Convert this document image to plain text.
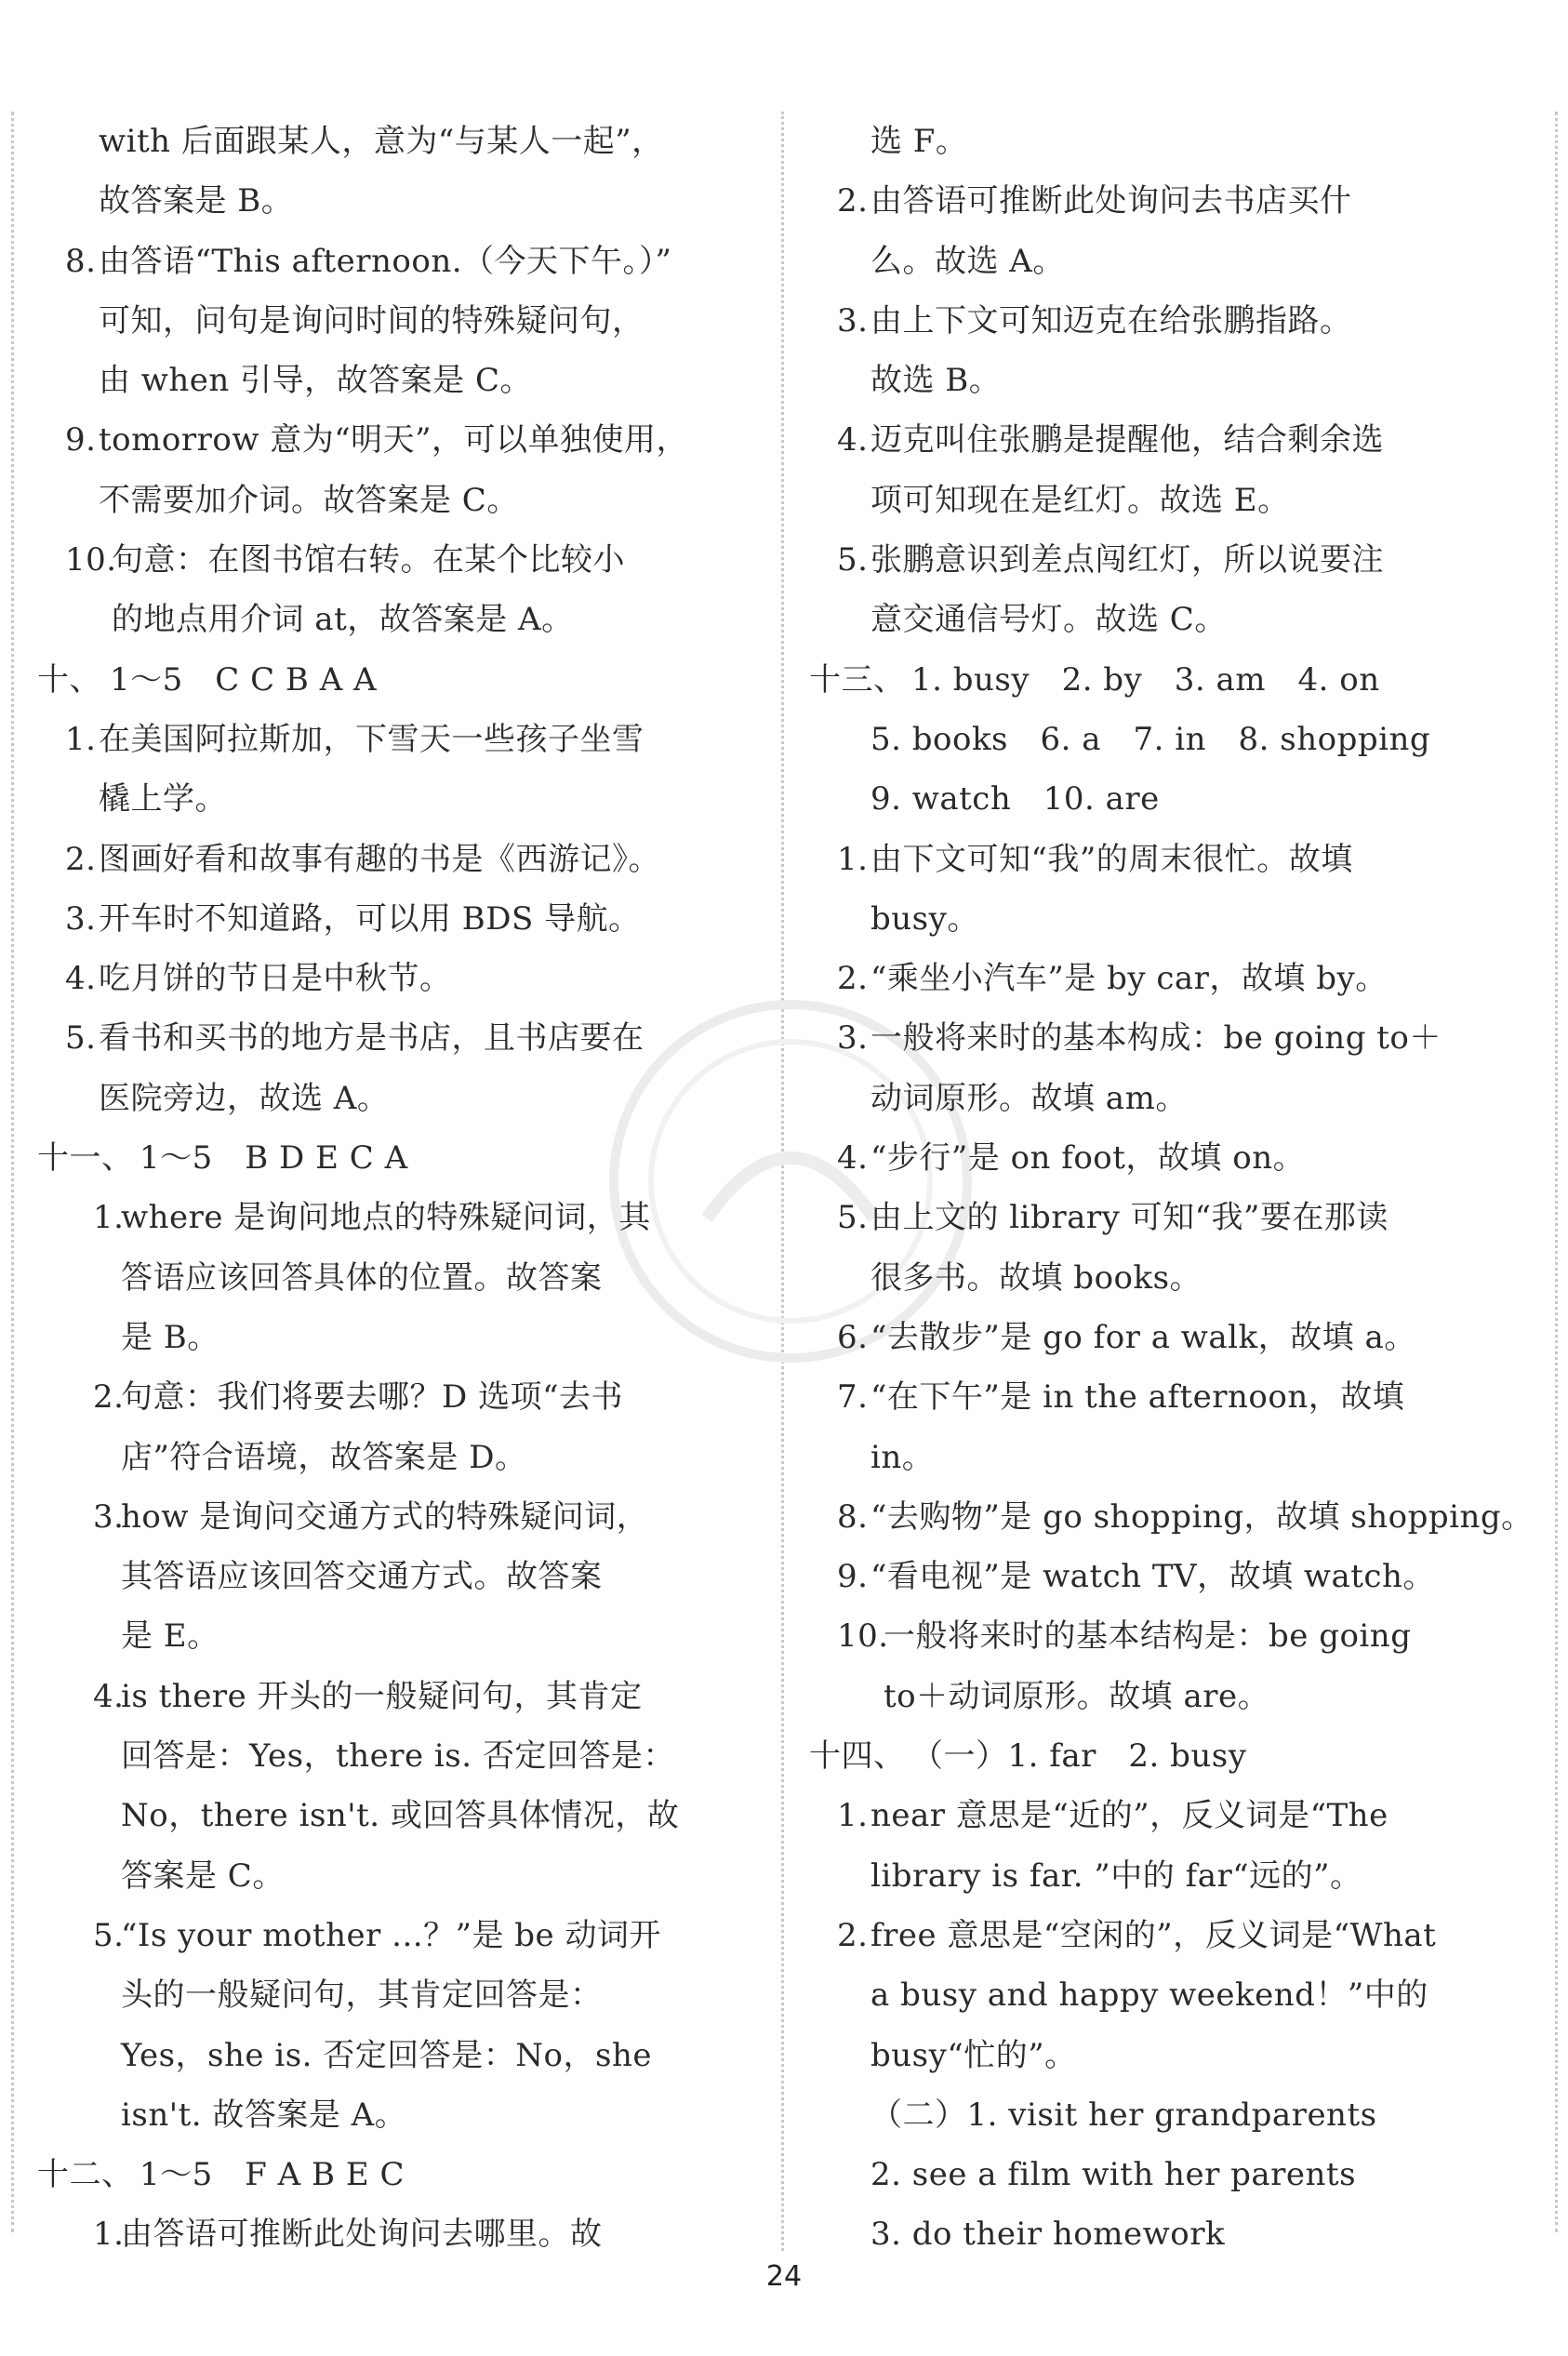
with 后面跟某人，意为“与某人一起”，
故答案是 B。
8. 由答语“This afternoon.（今天下午。）”
可知，问句是询问时间的特殊疑问句，
由 when 引导，故答案是 C。
9. tomorrow 意为“明天”，可以单独使用，
不需要加介词。故答案是 C。
10.
句意：在图书馆右转。在某个比较小
的地点用介词 at，故答案是 A。
十、 1～5　C C B A A
1. 在美国阿拉斯加，下雪天一些孩子坐雪
橇上学。
2. 图画好看和故事有趣的书是《西游记》。
3. 开车时不知道路，可以用 BDS 导航。
4. 吃月饼的节日是中秋节。
5. 看书和买书的地方是书店，且书店要在
医院旁边，故选 A。
十一、 1～5　B D E C A
1.
where 是询问地点的特殊疑问词，其
答语应该回答具体的位置。故答案
是 B。
2.
句意：我们将要去哪？D 选项“去书
店”符合语境，故答案是 D。
3.
how 是询问交通方式的特殊疑问词，
其答语应该回答交通方式。故答案
是 E。
4.
is there 开头的一般疑问句，其肯定
回答是：Yes，there is. 否定回答是：
No，there isn't. 或回答具体情况，故
答案是 C。
5.
“Is your mother ...？”是 be 动词开
头的一般疑问句，其肯定回答是：
Yes，she is. 否定回答是：No，she
isn't. 故答案是 A。
十二、 1～5　F A B E C
1.
由答语可推断此处询问去哪里。故
选 F。
2. 由答语可推断此处询问去书店买什
么。故选 A。
3. 由上下文可知迈克在给张鹏指路。
故选 B。
4. 迈克叫住张鹏是提醒他，结合剩余选
项可知现在是红灯。故选 E。
5. 张鹏意识到差点闯红灯，所以说要注
意交通信号灯。故选 C。
十三、 1. busy　2. by　3. am　4. on
5. books　6. a　7. in　8. shopping
9. watch　10. are
1. 由下文可知“我”的周末很忙。故填
busy。
2. “乘坐小汽车”是 by car，故填 by。
3. 一般将来时的基本构成：be going to＋
动词原形。故填 am。
4. “步行”是 on foot，故填 on。
5. 由上文的 library 可知“我”要在那读
很多书。故填 books。
6. “去散步”是 go for a walk，故填 a。
7. “在下午”是 in the afternoon，故填
in。
8. “去购物”是 go shopping，故填 shopping。
9. “看电视”是 watch TV，故填 watch。
10.
一般将来时的基本结构是：be going
to＋动词原形。故填 are。
十四、 （一）1. far　2. busy
1. near 意思是“近的”，反义词是“The
library is far. ”中的 far“远的”。
2. free 意思是“空闲的”，反义词是“What
a busy and happy weekend！”中的
busy“忙的”。
（二）1. visit her grandparents
2. see a film with her parents
3. do their homework
24
